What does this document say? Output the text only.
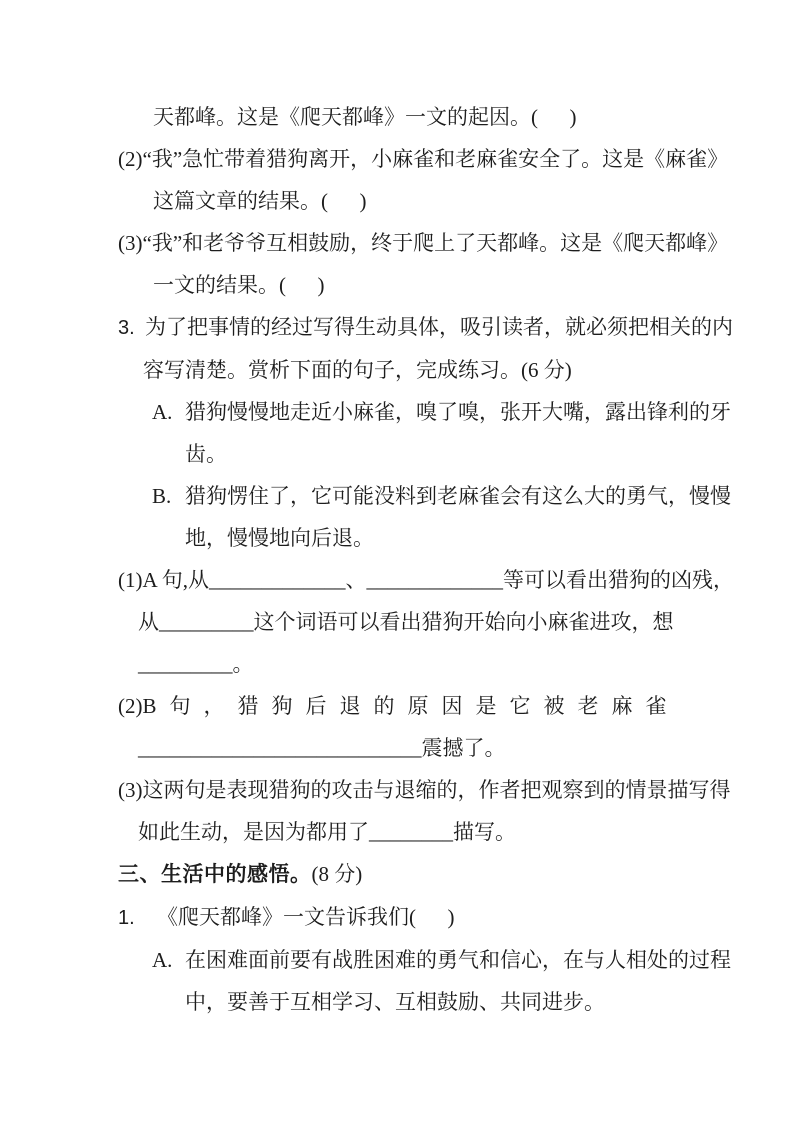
天都峰。这是《爬天都峰》一文的起因。(      )
(2)“我”急忙带着猎狗离开，小麻雀和老麻雀安全了。这是《麻雀》
这篇文章的结果。(      )
(3)“我”和老爷爷互相鼓励，终于爬上了天都峰。这是《爬天都峰》
一文的结果。(      )
3. 为了把事情的经过写得生动具体，吸引读者，就必须把相关的内
容写清楚。赏析下面的句子，完成练习。(6 分)
A. 猎狗慢慢地走近小麻雀，嗅了嗅，张开大嘴，露出锋利的牙
齿。
B. 猎狗愣住了，它可能没料到老麻雀会有这么大的勇气，慢慢
地，慢慢地向后退。
(1)A 句,从_____________、_____________等可以看出猎狗的凶残，
从_________这个词语可以看出猎狗开始向小麻雀进攻，想
_________。
(2)B 句，猎狗后退的原因是它被老麻雀
___________________________震撼了。
(3)这两句是表现猎狗的攻击与退缩的，作者把观察到的情景描写得
如此生动，是因为都用了________描写。
三、生活中的感悟。(8 分)
1. 《爬天都峰》一文告诉我们(      )
A. 在困难面前要有战胜困难的勇气和信心，在与人相处的过程
中，要善于互相学习、互相鼓励、共同进步。
